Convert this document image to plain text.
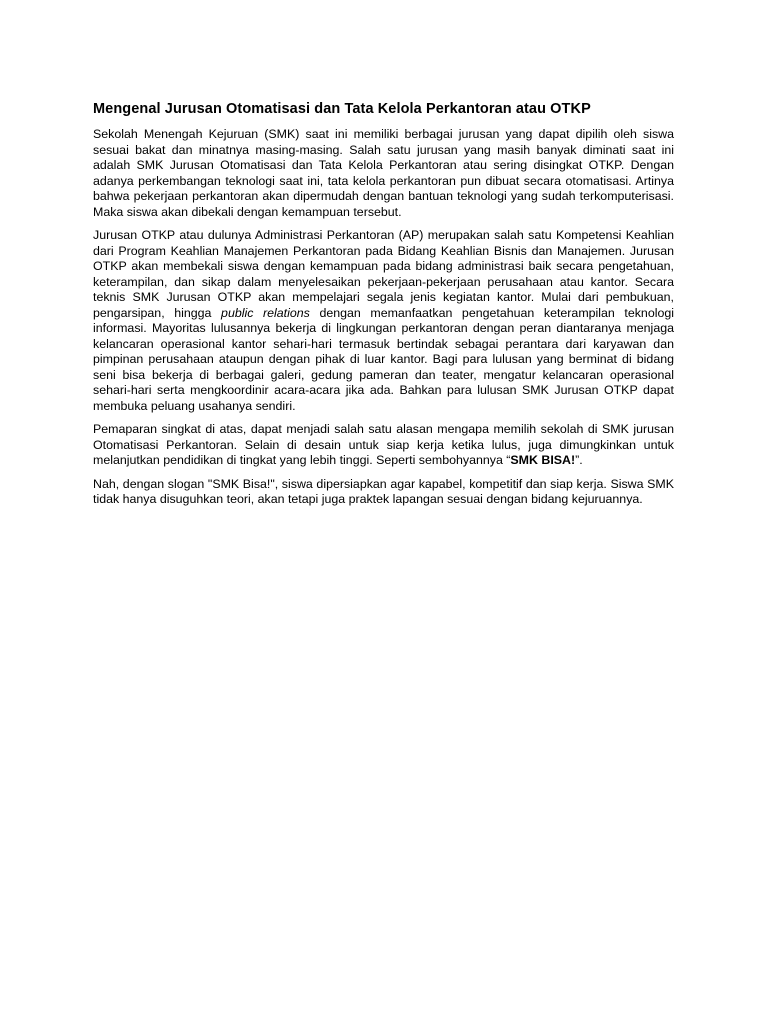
Mengenal Jurusan Otomatisasi dan Tata Kelola Perkantoran atau OTKP

Sekolah Menengah Kejuruan (SMK) saat ini memiliki berbagai jurusan yang dapat dipilih oleh siswa sesuai bakat dan minatnya masing-masing. Salah satu jurusan yang masih banyak diminati saat ini adalah SMK Jurusan Otomatisasi dan Tata Kelola Perkantoran atau sering disingkat OTKP. Dengan adanya perkembangan teknologi saat ini, tata kelola perkantoran pun dibuat secara otomatisasi. Artinya bahwa pekerjaan perkantoran akan dipermudah dengan bantuan teknologi yang sudah terkomputerisasi. Maka siswa akan dibekali dengan kemampuan tersebut.

Jurusan OTKP atau dulunya Administrasi Perkantoran (AP) merupakan salah satu Kompetensi Keahlian dari Program Keahlian Manajemen Perkantoran pada Bidang Keahlian Bisnis dan Manajemen. Jurusan OTKP akan membekali siswa dengan kemampuan pada bidang administrasi baik secara pengetahuan, keterampilan, dan sikap dalam menyelesaikan pekerjaan-pekerjaan perusahaan atau kantor. Secara teknis SMK Jurusan OTKP akan mempelajari segala jenis kegiatan kantor. Mulai dari pembukuan, pengarsipan, hingga public relations dengan memanfaatkan pengetahuan keterampilan teknologi informasi. Mayoritas lulusannya bekerja di lingkungan perkantoran dengan peran diantaranya menjaga kelancaran operasional kantor sehari-hari termasuk bertindak sebagai perantara dari karyawan dan pimpinan perusahaan ataupun dengan pihak di luar kantor. Bagi para lulusan yang berminat di bidang seni bisa bekerja di berbagai galeri, gedung pameran dan teater, mengatur kelancaran operasional sehari-hari serta mengkoordinir acara-acara jika ada. Bahkan para lulusan SMK Jurusan OTKP dapat membuka peluang usahanya sendiri.

Pemaparan singkat di atas, dapat menjadi salah satu alasan mengapa memilih sekolah di SMK jurusan Otomatisasi Perkantoran. Selain di desain untuk siap kerja ketika lulus, juga dimungkinkan untuk melanjutkan pendidikan di tingkat yang lebih tinggi. Seperti sembohyannya “SMK BISA!”.

Nah, dengan slogan "SMK Bisa!", siswa dipersiapkan agar kapabel, kompetitif dan siap kerja. Siswa SMK tidak hanya disuguhkan teori, akan tetapi juga praktek lapangan sesuai dengan bidang kejuruannya.
